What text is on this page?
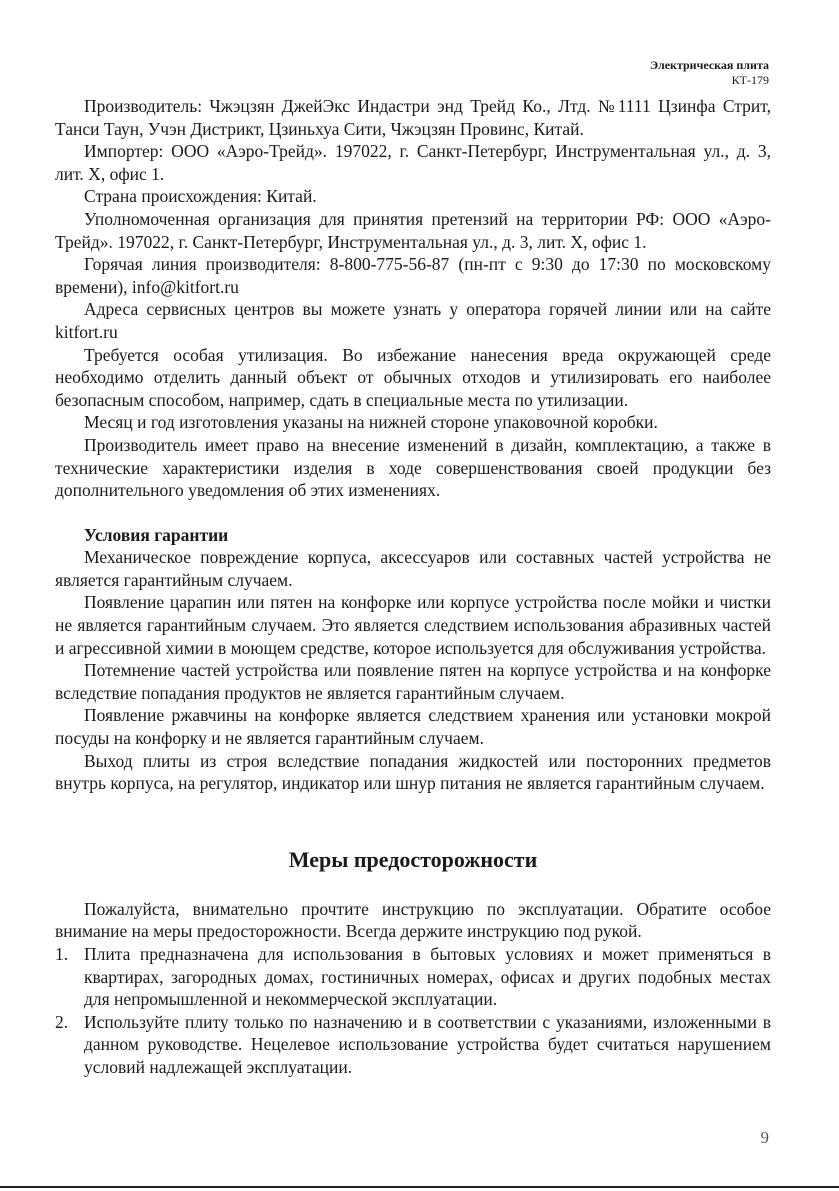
Электрическая плита
КТ-179

Производитель: Чжэцзян ДжейЭкс Индастри энд Трейд Ко., Лтд. №1111 Цзинфа Стрит, Танси Таун, Учэн Дистрикт, Цзиньхуа Сити, Чжэцзян Провинс, Китай.

Импортер: ООО «Аэро-Трейд». 197022, г. Санкт-Петербург, Инструментальная ул., д. 3, лит. Х, офис 1.

Страна происхождения: Китай.

Уполномоченная организация для принятия претензий на территории РФ: ООО «Аэро-Трейд». 197022, г. Санкт-Петербург, Инструментальная ул., д. 3, лит. Х, офис 1.

Горячая линия производителя: 8-800-775-56-87 (пн-пт с 9:30 до 17:30 по московскому времени), info@kitfort.ru

Адреса сервисных центров вы можете узнать у оператора горячей линии или на сайте kitfort.ru

Требуется особая утилизация. Во избежание нанесения вреда окружающей среде необходимо отделить данный объект от обычных отходов и утилизировать его наиболее безопасным способом, например, сдать в специальные места по утилизации.

Месяц и год изготовления указаны на нижней стороне упаковочной коробки.

Производитель имеет право на внесение изменений в дизайн, комплектацию, а также в технические характеристики изделия в ходе совершенствования своей продукции без дополнительного уведомления об этих изменениях.

Условия гарантии

Механическое повреждение корпуса, аксессуаров или составных частей устройства не является гарантийным случаем.

Появление царапин или пятен на конфорке или корпусе устройства после мойки и чистки не является гарантийным случаем. Это является следствием использования абразивных частей и агрессивной химии в моющем средстве, которое используется для обслуживания устройства.

Потемнение частей устройства или появление пятен на корпусе устройства и на конфорке вследствие попадания продуктов не является гарантийным случаем.

Появление ржавчины на конфорке является следствием хранения или установки мокрой посуды на конфорку и не является гарантийным случаем.

Выход плиты из строя вследствие попадания жидкостей или посторонних предметов внутрь корпуса, на регулятор, индикатор или шнур питания не является гарантийным случаем.

Меры предосторожности

Пожалуйста, внимательно прочтите инструкцию по эксплуатации. Обратите особое внимание на меры предосторожности. Всегда держите инструкцию под рукой.

1. Плита предназначена для использования в бытовых условиях и может применяться в квартирах, загородных домах, гостиничных номерах, офисах и других подобных местах для непромышленной и некоммерческой эксплуатации.
2. Используйте плиту только по назначению и в соответствии с указаниями, изложенными в данном руководстве. Нецелевое использование устройства будет считаться нарушением условий надлежащей эксплуатации.
9
